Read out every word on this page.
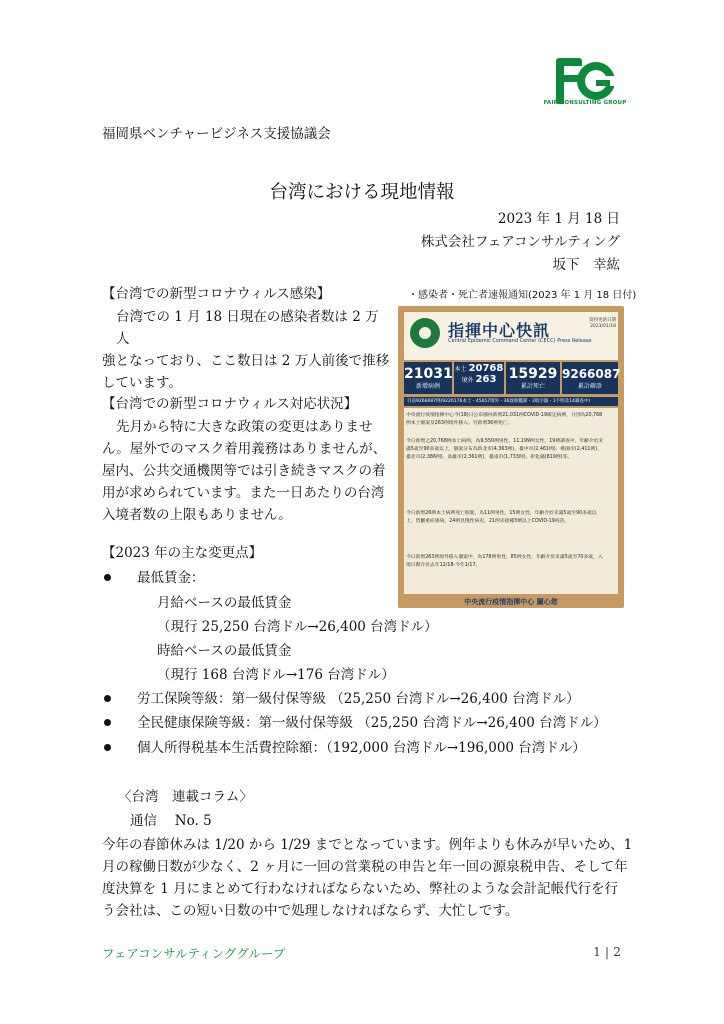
FAIR CONSULTING GROUP
福岡県ベンチャービジネス支援協議会
台湾における現地情報
2023 年 1 月 18 日
株式会社フェアコンサルティング
坂下　幸紘
【台湾での新型コロナウィルス感染】
台湾での 1 月 18 日現在の感染者数は 2 万人
強となっており、ここ数日は 2 万人前後で推移
しています。
・感染者・死亡者速報通知(2023 年 1 月 18 日付)
指揮中心快訊
Central Epidemic Command Center (CECC) Press Release
資料更新日期 2023/01/18
21031
新增病例
本土 20768
境外 263 15929
累計死亡
9266087
累計確診
目前9266087例(9220176本土・45657境外・36敦睦艦隊・3航空器・1不明及14調查中)
中央流行疫情指揮中心今(18)日公布國內新增21,031例COVID-19確定病例，分別為20,768例本土個案及263例境外移入；另新增36例死亡。
今日新增之20,768例本土病例，為9,550例男性、11,199例女性、19例調查中，年齡介於未滿5歲至90多歲以上，個案分布為新北市(4,363例)、臺中市(2,461例)、桃園市(2,411例)、臺北市(2,386例)、高雄市(2,361例)、臺南市(1,733例)、彰化縣(819例)等。
今日新增26例本土病例死亡個案，為11例男性、15例女性，年齡介於未滿5歲至90多歲以上，皆屬重症感染，24例具慢性病史，21例未接種3劑以上COVID-19疫苗。
今日新增263例境外移入個案中，為178例男性、85例女性，年齡介於未滿5歲至70多歲，入境日期介於去年12/18-今年1/17。
中央流行疫情指揮中心 關心您
【台湾での新型コロナウィルス対応状況】
先月から特に大きな政策の変更はありませ
ん。屋外でのマスク着用義務はありませんが、
屋内、公共交通機関等では引き続きマスクの着
用が求められています。また一日あたりの台湾
入境者数の上限もありません。
【2023 年の主な変更点】
最低賃金：
月給ベースの最低賃金
（現行 25,250 台湾ドル→26,400 台湾ドル）
時給ベースの最低賃金
（現行 168 台湾ドル→176 台湾ドル）
労工保険等級：第一級付保等級 （25,250 台湾ドル→26,400 台湾ドル）
全民健康保険等級：第一級付保等級 （25,250 台湾ドル→26,400 台湾ドル）
個人所得税基本生活費控除額：（192,000 台湾ドル→196,000 台湾ドル）
〈台湾　連載コラム〉
通信　 No. 5
今年の春節休みは 1/20 から 1/29 までとなっています。例年よりも休みが早いため、1
月の稼働日数が少なく、2 ヶ月に一回の営業税の申告と年一回の源泉税申告、そして年
度決算を 1 月にまとめて行わなければならないため、弊社のような会計記帳代行を行
う会社は、この短い日数の中で処理しなければならず、大忙しです。
フェアコンサルティンググループ	1 | 2
